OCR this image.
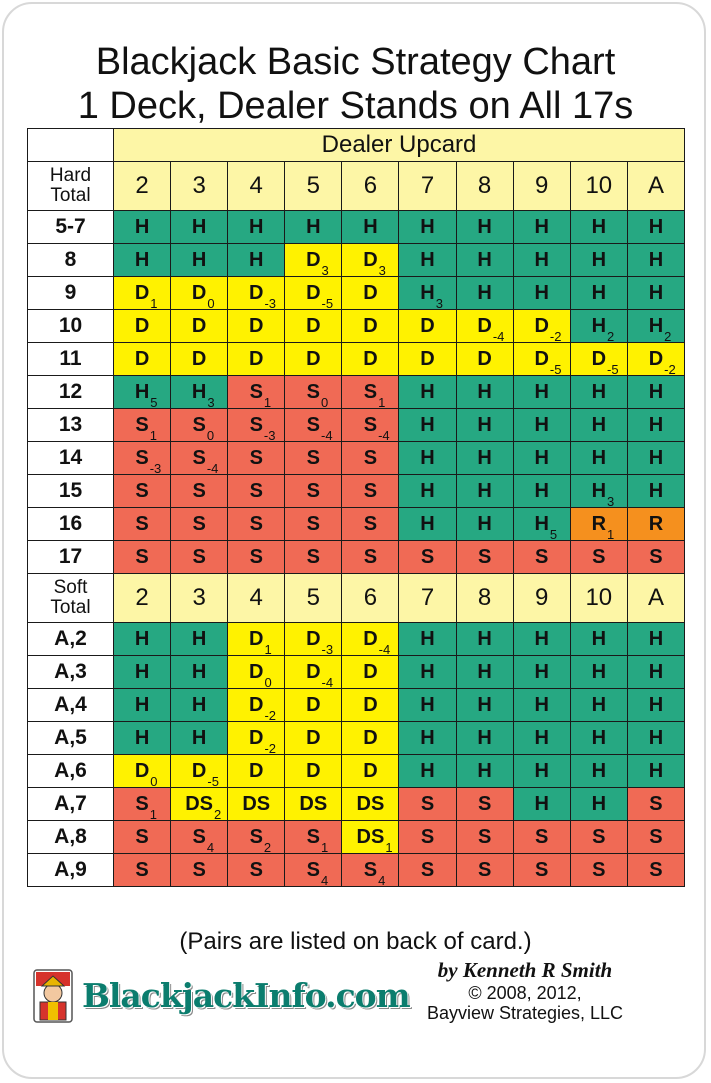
Blackjack Basic Strategy Chart
1 Deck, Dealer Stands on All 17s
	Dealer Upcard									

Hard
Total	2	3	4	5	6	7	8	9	10	A
5-7	H	H	H	H	H	H	H	H	H	H
8	H	H	H	D 3	D 3	H	H	H	H	H
9	D 1	D 0	D -3	D -5	D	H 3	H	H	H	H
10	D	D	D	D	D	D	D -4	D -2	H 2	H 2

11	D	D	D	D	D	D	D	D -5	D -5	D -2

12	H 5	H 3	S 1	S 0	S 1	H	H	H	H	H
13	S 1	S 0	S -3	S -4	S -4	H	H	H	H	H
14	S -3	S -4	S	S	S	H	H	H	H	H
15	S	S	S	S	S	H	H	H	H 3	H
16	S	S	S	S	S	H	H	H 5	R 1	R
17	S	S	S	S	S	S	S	S	S	S

Soft
Total	2	3	4	5	6	7	8	9	10	A
A,2	H	H	D 1	D -3	D -4	H	H	H	H	H
A,3	H	H	D 0	D -4	D	H	H	H	H	H
A,4	H	H	D -2	D	D	H	H	H	H	H
A,5	H	H	D -2	D	D	H	H	H	H	H
A,6	D 0	D -5	D	D	D	H	H	H	H	H
A,7	S 1	DS 2	DS	DS	DS	S	S	H	H	S
A,8	S	S 4	S 2	S 1	DS 1	S	S	S	S	S
A,9	S	S	S	S 4	S 4	S	S	S	S	S
(Pairs are listed on back of card.)
BlackjackInfo.com
by Kenneth R Smith
© 2008, 2012,
Bayview Strategies, LLC
